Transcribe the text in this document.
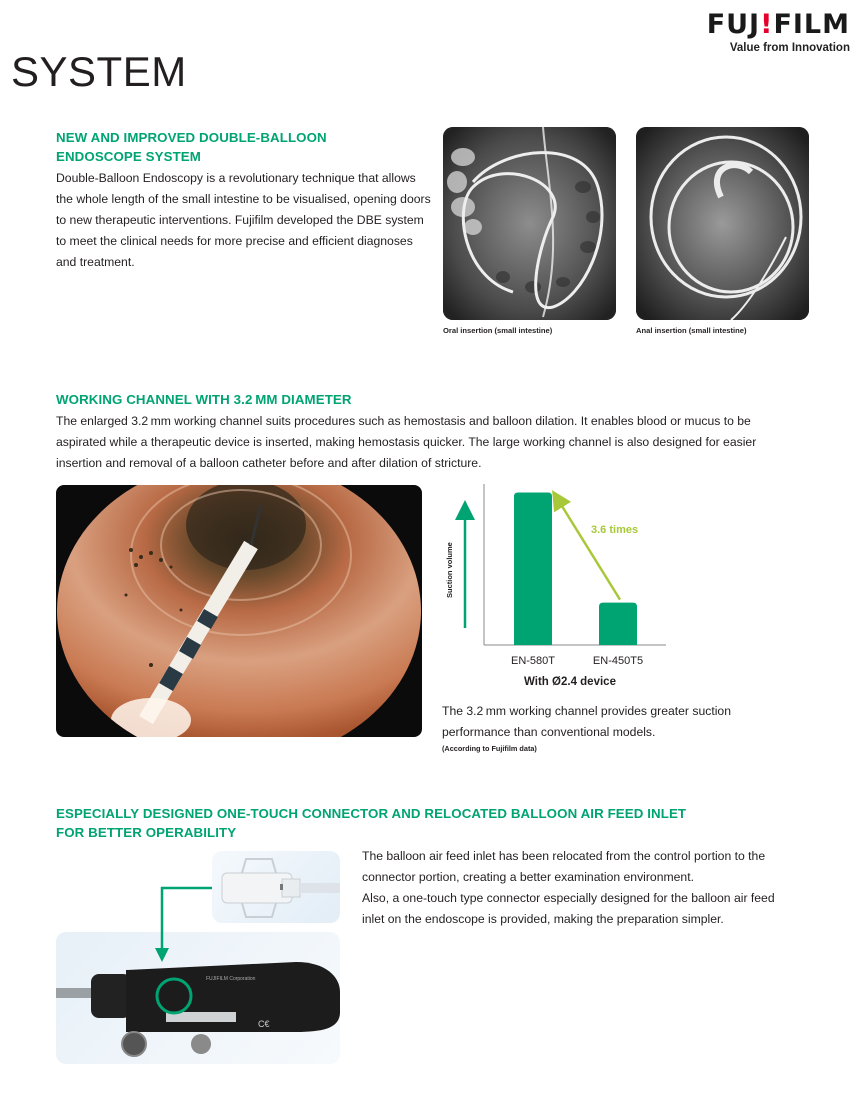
FUJ!FILM
Value from Innovation
SYSTEM
NEW AND IMPROVED DOUBLE-BALLOON
ENDOSCOPE SYSTEM
Double-Balloon Endoscopy is a revolutionary technique that allows the whole length of the small intestine to be visualised, opening doors to new therapeutic interventions. Fujifilm developed the DBE system to meet the clinical needs for more precise and efficient diagnoses and treatment.
Oral insertion (small intestine)	Anal insertion (small intestine)
WORKING CHANNEL WITH 3.2 MM DIAMETER
The enlarged 3.2 mm working channel suits procedures such as hemostasis and balloon dilation. It enables blood or mucus to be aspirated while a therapeutic device is inserted, making hemostasis quicker. The large working channel is also designed for easier insertion and removal of a balloon catheter before and after dilation of stricture.
Suction volume
3.6 times
EN-580T	EN-450T5
With Ø2.4 device
The 3.2 mm working channel provides greater suction performance than conventional models.
(According to Fujifilm data)
ESPECIALLY DESIGNED ONE-TOUCH CONNECTOR AND RELOCATED BALLOON AIR FEED INLET
FOR BETTER OPERABILITY
The balloon air feed inlet has been relocated from the control portion to the connector portion, creating a better examination environment.
Also, a one-touch type connector especially designed for the balloon air feed inlet on the endoscope is provided, making the preparation simpler.
FUJIFILM Corporation
C€
